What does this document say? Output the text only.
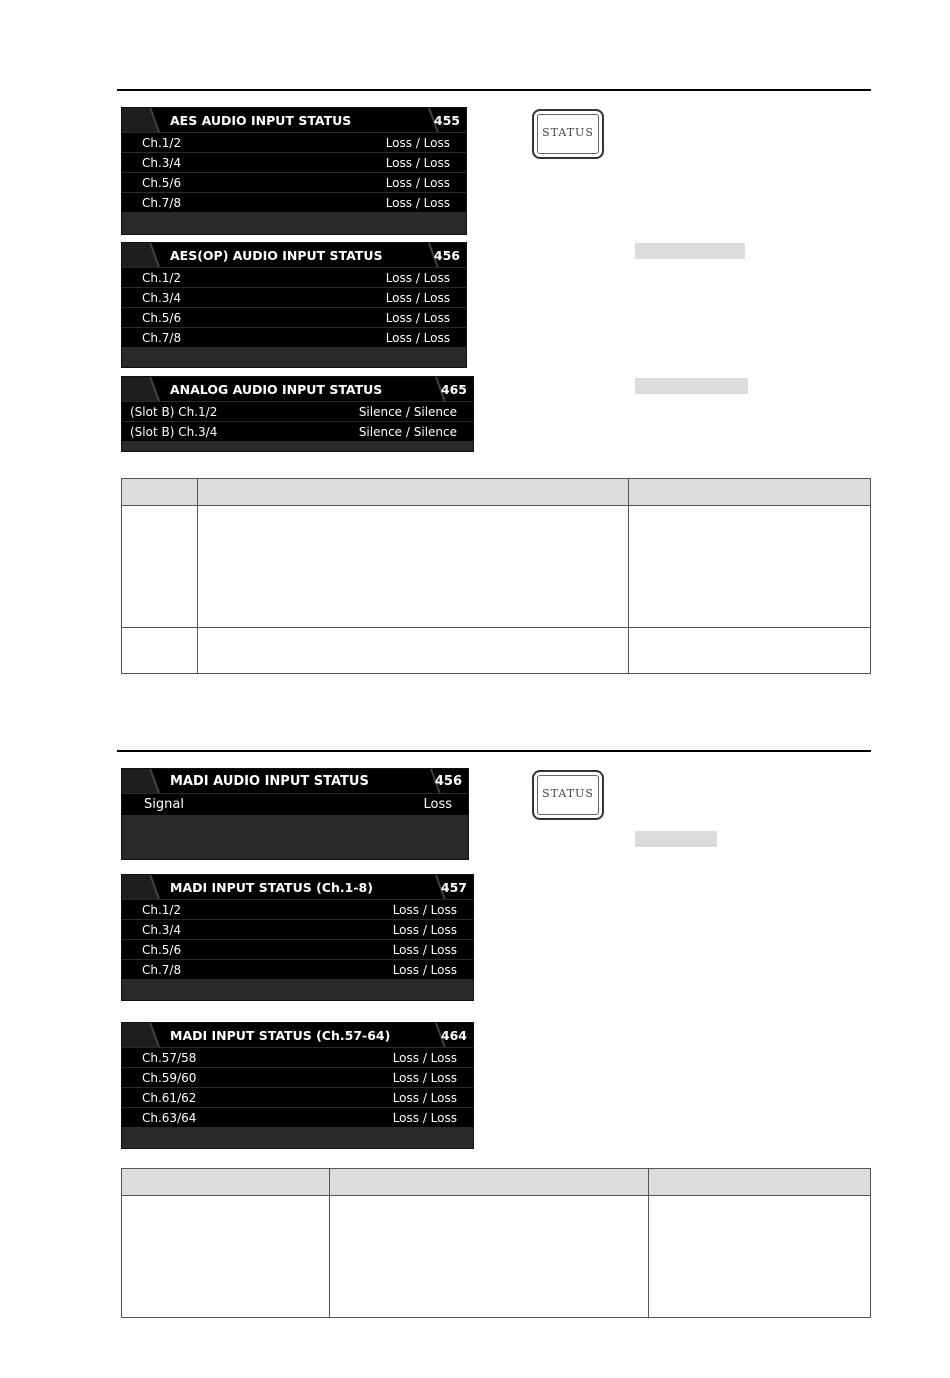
AES AUDIO INPUT STATUS	455
Ch.1/2	Loss / Loss
Ch.3/4	Loss / Loss
Ch.5/6	Loss / Loss
Ch.7/8	Loss / Loss
STATUS
AES(OP) AUDIO INPUT STATUS	456
Ch.1/2	Loss / Loss
Ch.3/4	Loss / Loss
Ch.5/6	Loss / Loss
Ch.7/8	Loss / Loss
ANALOG AUDIO INPUT STATUS	465
(Slot B) Ch.1/2	Silence / Silence
(Slot B) Ch.3/4	Silence / Silence

MADI AUDIO INPUT STATUS	456
Signal	Loss
STATUS
MADI INPUT STATUS (Ch.1-8)	457
Ch.1/2	Loss / Loss
Ch.3/4	Loss / Loss
Ch.5/6	Loss / Loss
Ch.7/8	Loss / Loss
MADI INPUT STATUS (Ch.57-64)	464
Ch.57/58	Loss / Loss
Ch.59/60	Loss / Loss
Ch.61/62	Loss / Loss
Ch.63/64	Loss / Loss
